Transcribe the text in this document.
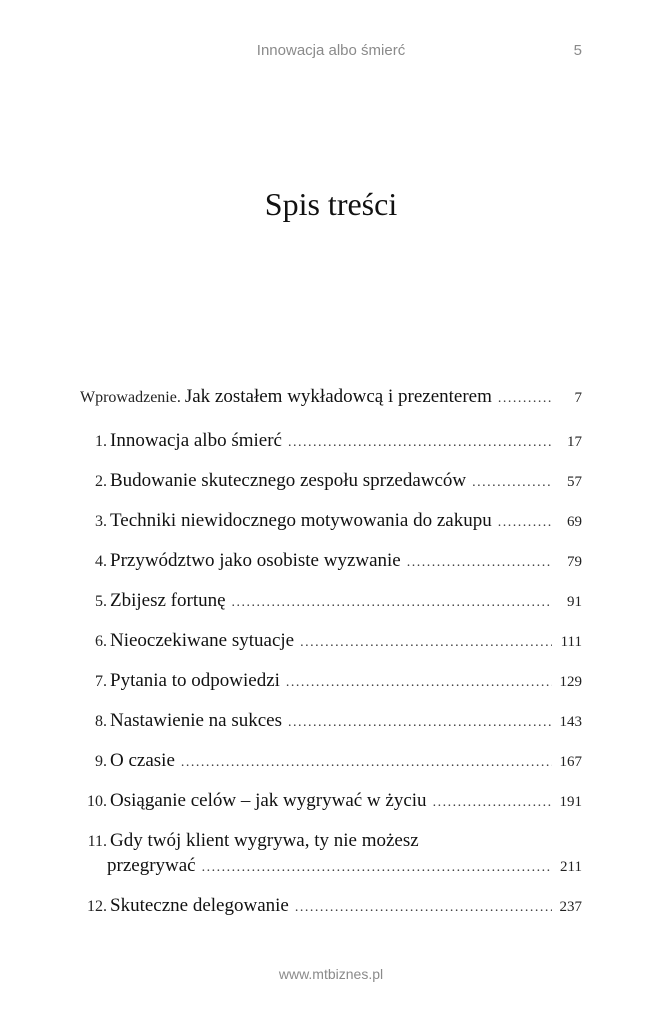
Innowacja albo śmierć	5
Spis treści
Wprowadzenie. Jak zostałem wykładowcą i prezenterem .....	7
1. Innowacja albo śmierć .....	17
2. Budowanie skutecznego zespołu sprzedawców .....	57
3. Techniki niewidocznego motywowania do zakupu .....	69
4. Przywództwo jako osobiste wyzwanie .....	79
5. Zbijesz fortunę .....	91
6. Nieoczekiwane sytuacje .....	111
7. Pytania to odpowiedzi .....	129
8. Nastawienie na sukces .....	143
9. O czasie .....	167
10. Osiąganie celów – jak wygrywać w życiu .....	191
11. Gdy twój klient wygrywa, ty nie możesz
przegrywać .....	211
12. Skuteczne delegowanie .....	237
www.mtbiznes.pl
